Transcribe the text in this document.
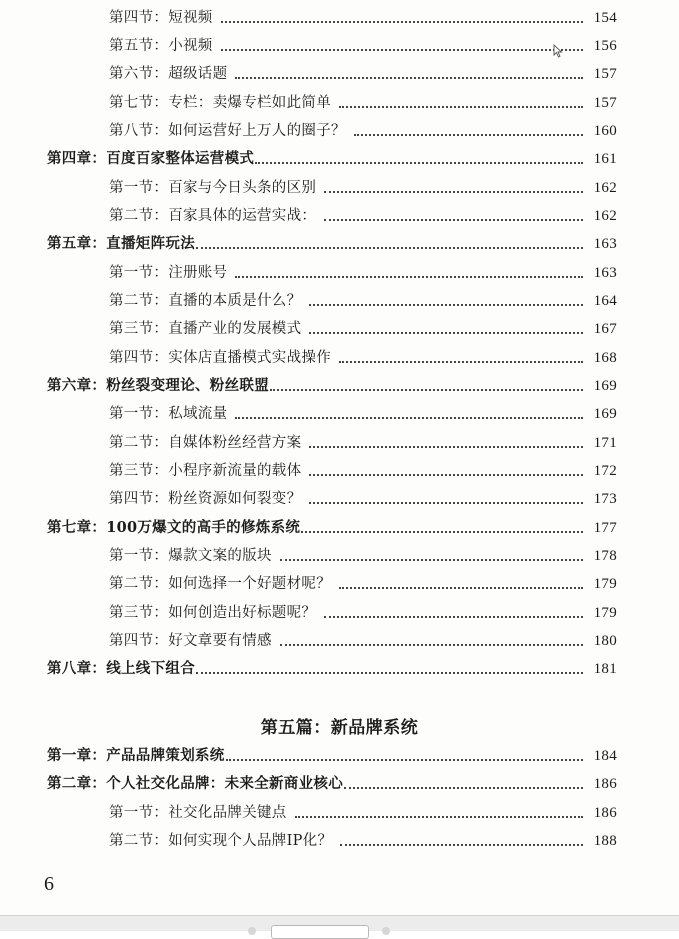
第四节：短视频	154
第五节：小视频	156
第六节：超级话题	157
第七节：专栏：卖爆专栏如此简单	157
第八节：如何运营好上万人的圈子？	160
第四章：百度百家整体运营模式	161
第一节：百家与今日头条的区别	162
第二节：百家具体的运营实战：	162
第五章：直播矩阵玩法	163
第一节：注册账号	163
第二节：直播的本质是什么？	164
第三节：直播产业的发展模式	167
第四节：实体店直播模式实战操作	168
第六章：粉丝裂变理论、粉丝联盟	169
第一节：私域流量	169
第二节：自媒体粉丝经营方案	171
第三节：小程序新流量的载体	172
第四节：粉丝资源如何裂变？	173
第七章：100万爆文的高手的修炼系统	177
第一节：爆款文案的版块	178
第二节：如何选择一个好题材呢？	179
第三节：如何创造出好标题呢？	179
第四节：好文章要有情感	180
第八章：线上线下组合	181
第五篇：新品牌系统
第一章：产品品牌策划系统	184
第二章：个人社交化品牌：未来全新商业核心	186
第一节：社交化品牌关键点	186
第二节：如何实现个人品牌IP化？	188
6
